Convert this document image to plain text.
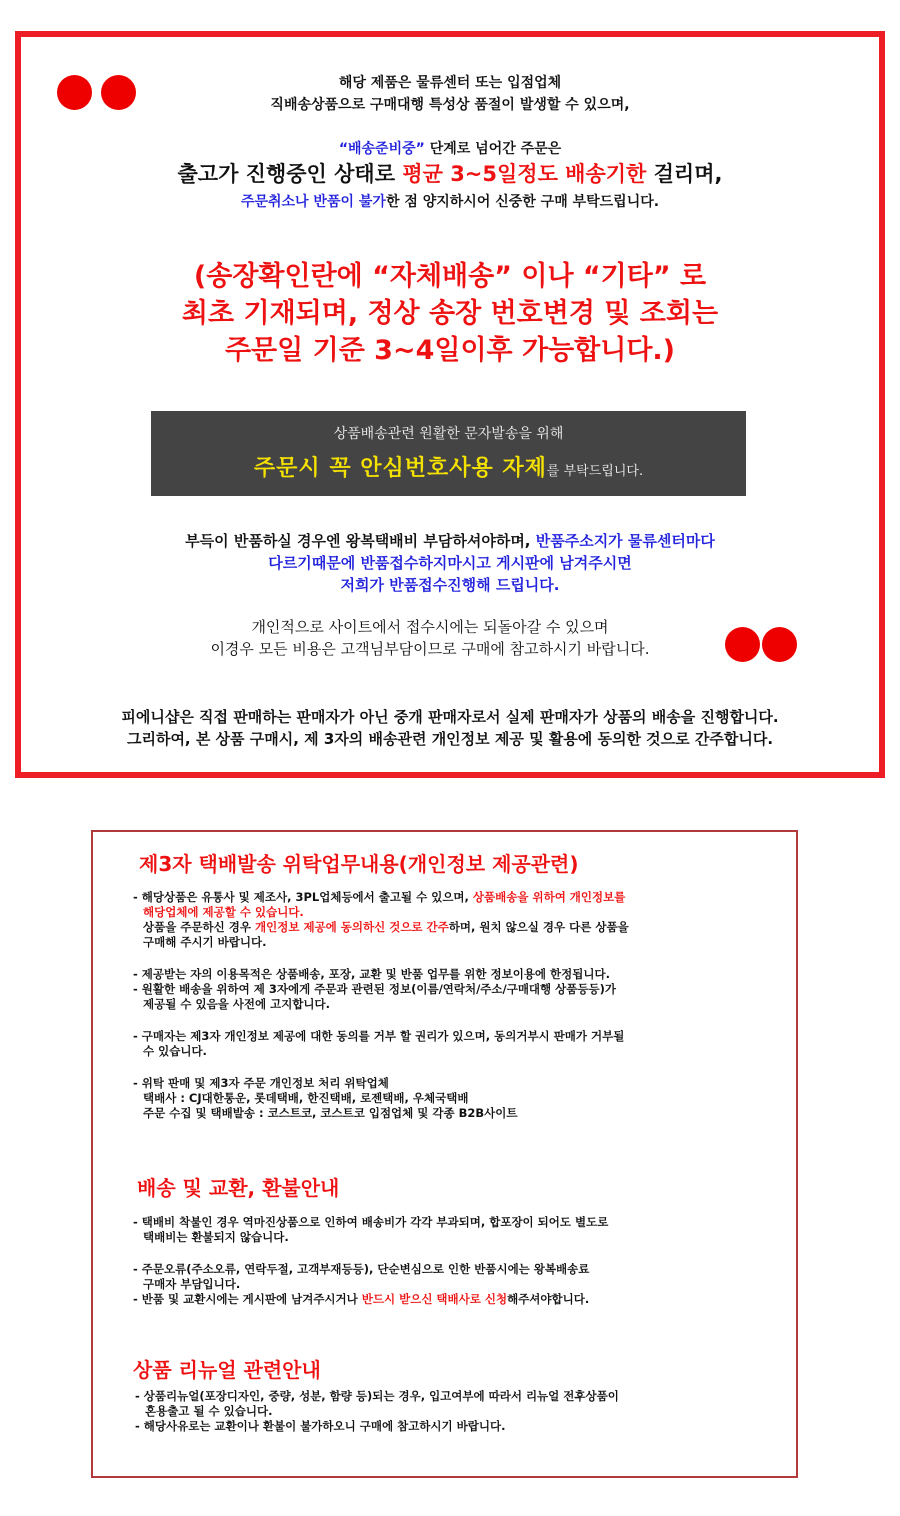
해당 제품은 물류센터 또는 입점업체
직배송상품으로 구매대행 특성상 품절이 발생할 수 있으며,
“배송준비중” 단계로 넘어간 주문은
출고가 진행중인 상태로 평균 3~5일정도 배송기한 걸리며,
주문취소나 반품이 불가한 점 양지하시어 신중한 구매 부탁드립니다.
(송장확인란에 “자체배송” 이나 “기타” 로
최초 기재되며, 정상 송장 번호변경 및 조회는
주문일 기준 3~4일이후 가능합니다.)
상품배송관련 원활한 문자발송을 위해
주문시 꼭 안심번호사용 자제를 부탁드립니다.
부득이 반품하실 경우엔 왕복택배비 부담하셔야하며, 반품주소지가 물류센터마다
다르기때문에 반품접수하지마시고 게시판에 남겨주시면
저희가 반품접수진행해 드립니다.
개인적으로 사이트에서 접수시에는 되돌아갈 수 있으며
이경우 모든 비용은 고객님부담이므로 구매에 참고하시기 바랍니다.
피에니샵은 직접 판매하는 판매자가 아닌 중개 판매자로서 실제 판매자가 상품의 배송을 진행합니다.
그리하여, 본 상품 구매시, 제 3자의 배송관련 개인정보 제공 및 활용에 동의한 것으로 간주합니다.
제3자 택배발송 위탁업무내용(개인정보 제공관련)
- 해당상품은 유통사 및 제조사, 3PL업체등에서 출고될 수 있으며, 상품배송을 위하여 개인정보를
해당업체에 제공할 수 있습니다.
상품을 주문하신 경우 개인정보 제공에 동의하신 것으로 간주하며, 원치 않으실 경우 다른 상품을
구매해 주시기 바랍니다.
- 제공받는 자의 이용목적은 상품배송, 포장, 교환 및 반품 업무를 위한 정보이용에 한정됩니다.
- 원활한 배송을 위하여 제 3자에게 주문과 관련된 정보(이름/연락처/주소/구매대행 상품등등)가
제공될 수 있음을 사전에 고지합니다.
- 구매자는 제3자 개인정보 제공에 대한 동의를 거부 할 권리가 있으며, 동의거부시 판매가 거부될
수 있습니다.
- 위탁 판매 및 제3자 주문 개인정보 처리 위탁업체
택배사 : CJ대한통운, 롯데택배, 한진택배, 로젠택배, 우체국택배
주문 수집 및 택배발송 : 코스트코, 코스트코 입점업체 및 각종 B2B사이트
배송 및 교환, 환불안내
- 택배비 착불인 경우 역마진상품으로 인하여 배송비가 각각 부과되며, 합포장이 되어도 별도로
택배비는 환불되지 않습니다.
- 주문오류(주소오류, 연락두절, 고객부재등등), 단순변심으로 인한 반품시에는 왕복배송료
구매자 부담입니다.
- 반품 및 교환시에는 게시판에 남겨주시거나 반드시 받으신 택배사로 신청해주셔야합니다.
상품 리뉴얼 관련안내
- 상품리뉴얼(포장디자인, 중량, 성분, 함량 등)되는 경우, 입고여부에 따라서 리뉴얼 전후상품이
혼용출고 될 수 있습니다.
- 해당사유로는 교환이나 환불이 불가하오니 구매에 참고하시기 바랍니다.
